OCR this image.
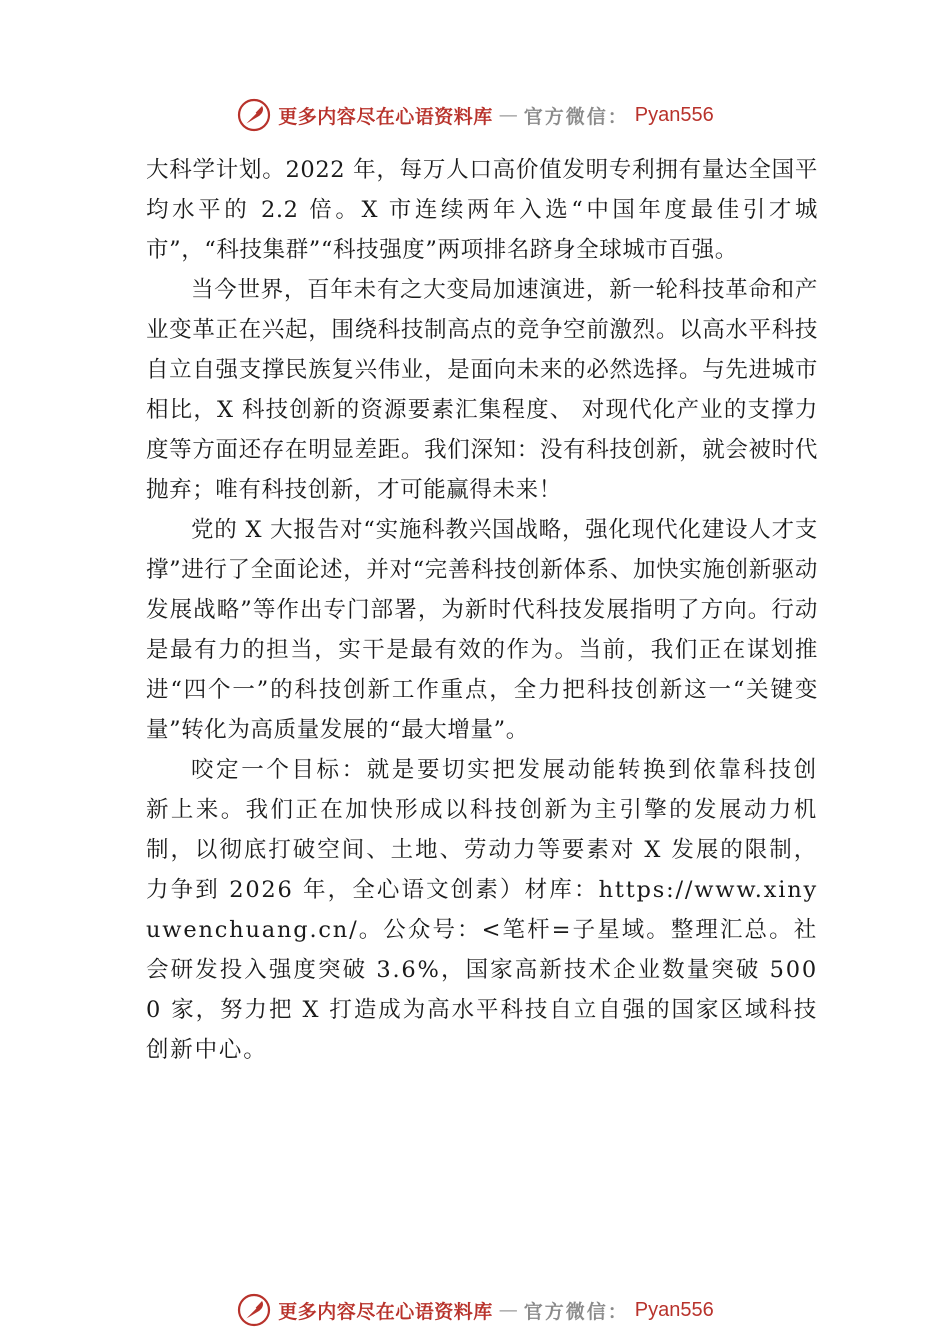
更多内容尽在心语资料库 — 官方微信： Pyan556

大科学计划。2022 年，每万人口高价值发明专利拥有量达全国平均水平的 2.2 倍。X 市连续两年入选“中国年度最佳引才城市”，“科技集群”“科技强度”两项排名跻身全球城市百强。

当今世界，百年未有之大变局加速演进，新一轮科技革命和产业变革正在兴起，围绕科技制高点的竞争空前激烈。以高水平科技自立自强支撑民族复兴伟业，是面向未来的必然选择。与先进城市相比，X 科技创新的资源要素汇集程度、 对现代化产业的支撑力度等方面还存在明显差距。我们深知：没有科技创新，就会被时代抛弃；唯有科技创新，才可能赢得未来！

党的 X 大报告对“实施科教兴国战略，强化现代化建设人才支撑”进行了全面论述，并对“完善科技创新体系、加快实施创新驱动发展战略”等作出专门部署，为新时代科技发展指明了方向。行动是最有力的担当，实干是最有效的作为。当前，我们正在谋划推进“四个一”的科技创新工作重点，全力把科技创新这一“关键变量”转化为高质量发展的“最大增量”。

咬定一个目标：就是要切实把发展动能转换到依靠科技创新上来。我们正在加快形成以科技创新为主引擎的发展动力机制，以彻底打破空间、土地、劳动力等要素对 X 发展的限制，力争到 2026 年，全心语文创素）材库：https://www.xinyuwenchuang.cn/。公众号：<笔杆=子星域。整理汇总。社会研发投入强度突破 3.6%，国家高新技术企业数量突破 5000 家，努力把 X 打造成为高水平科技自立自强的国家区域科技创新中心。

更多内容尽在心语资料库 — 官方微信： Pyan556
